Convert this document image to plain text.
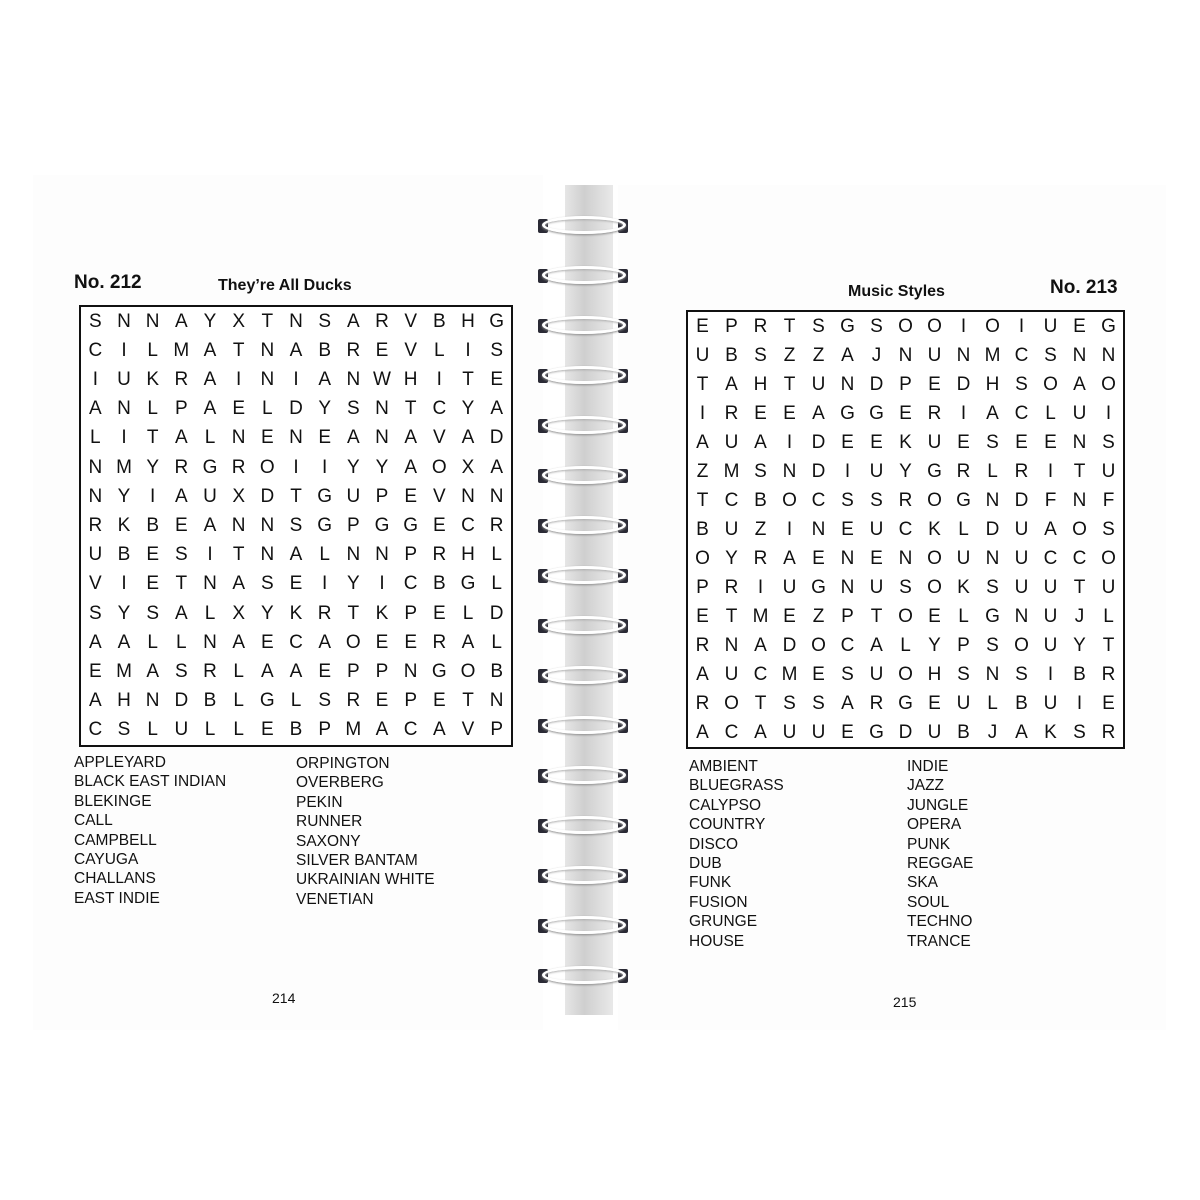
No. 212	They’re All Ducks
S N N A Y X T N S A R V B H G
C	I	L M A T N A B R E V L	I	S
I	U K R A	I	N	I	A N W H	I	T E
A N L P A E L D Y S N T C Y A
L	I	T A L N E N E A N A V A D
N M Y R G R O I	I	Y Y A O X A
N Y	I	A U X D T G U P E V N N
R K B E A N N S G P G G E C R
U B E S	I	T N A L N N P R H L
V	I	E T N A S E	I	Y	I	C B G L
S Y S A L X Y K R T K P E L D
A A L L N A E C A O E E R A L
E M A S R L A A E P P N G O B
A H N D B L G L S R E P E T N
C S L U L L E B P M A C A V P
APPLEYARD
BLACK EAST INDIAN
BLEKINGE
CALL
CAMPBELL
CAYUGA
CHALLANS
EAST INDIE
ORPINGTON
OVERBERG
PEKIN
RUNNER
SAXONY
SILVER BANTAM
UKRAINIAN WHITE
VENETIAN
214
Music Styles	No. 213
E P R T S G S O O I O I	U E G
U B S Z Z A J N U N M C S N N
T A H T U N D P E D H S O A O
I	R E E A G G E R	I	A C L U	I
A U A	I	D E E K U E S E E N S
Z M S N D	I	U Y G R L R	I	T U
T C B O C S S R O G N D F N F
B U Z	I	N E U C K L D U A O S
O Y R A E N E N O U N U C C O
P R	I	U G N U S O K S U U T U
E T M E Z P T O E L G N U J L
R N A D O C A L Y P S O U Y T
A U C M E S U O H S N S	I	B R
R O T S S A R G E U L B U	I	E
A C A U U E G D U B J A K S R
AMBIENT
BLUEGRASS
CALYPSO
COUNTRY
DISCO
DUB
FUNK
FUSION
GRUNGE
HOUSE
INDIE
JAZZ
JUNGLE
OPERA
PUNK
REGGAE
SKA
SOUL
TECHNO
TRANCE
215
